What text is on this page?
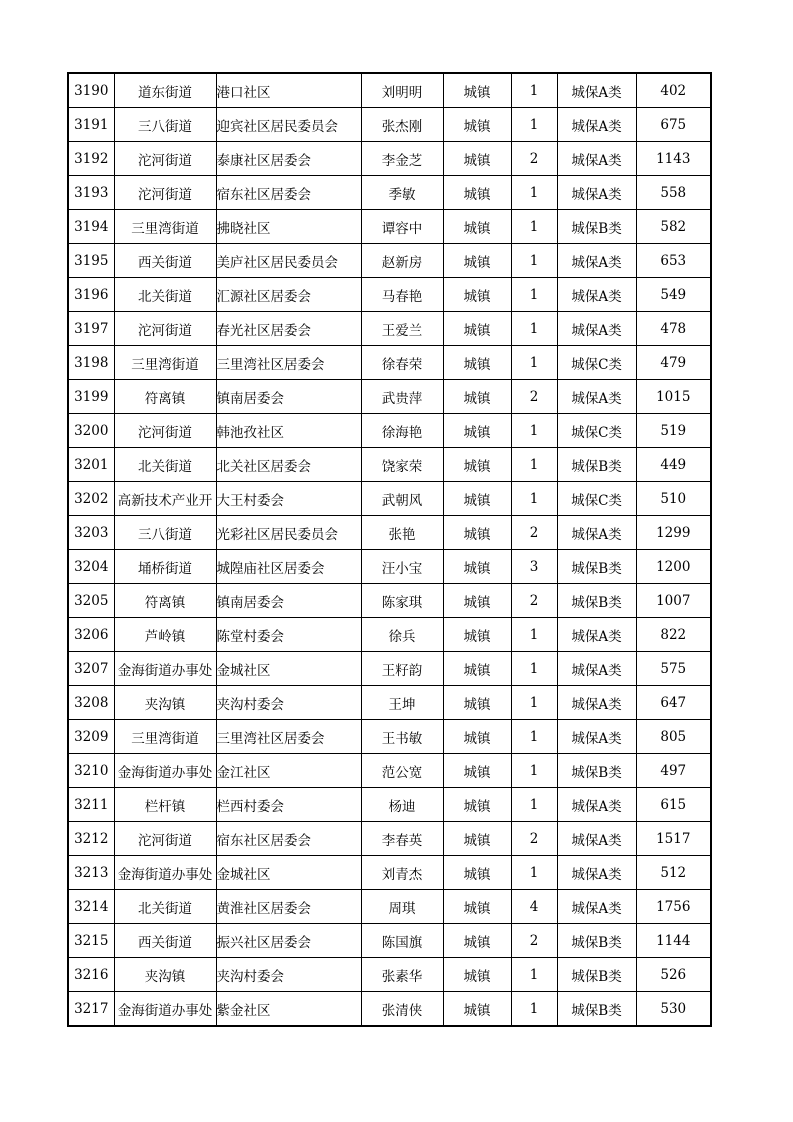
3190	道东街道	港口社区	刘明明	城镇	1	城保A类	402
3191	三八街道	迎宾社区居民委员会	张杰刚	城镇	1	城保A类	675
3192	沱河街道	泰康社区居委会	李金芝	城镇	2	城保A类	1143
3193	沱河街道	宿东社区居委会	季敏	城镇	1	城保A类	558
3194	三里湾街道	拂晓社区	谭容中	城镇	1	城保B类	582
3195	西关街道	美庐社区居民委员会	赵新房	城镇	1	城保A类	653
3196	北关街道	汇源社区居委会	马春艳	城镇	1	城保A类	549
3197	沱河街道	春光社区居委会	王爱兰	城镇	1	城保A类	478
3198	三里湾街道	三里湾社区居委会	徐春荣	城镇	1	城保C类	479
3199	符离镇	镇南居委会	武贵萍	城镇	2	城保A类	1015
3200	沱河街道	韩池孜社区	徐海艳	城镇	1	城保C类	519
3201	北关街道	北关社区居委会	饶家荣	城镇	1	城保B类	449
3202	高新技术产业开	大王村委会	武朝风	城镇	1	城保C类	510
3203	三八街道	光彩社区居民委员会	张艳	城镇	2	城保A类	1299
3204	埇桥街道	城隍庙社区居委会	汪小宝	城镇	3	城保B类	1200
3205	符离镇	镇南居委会	陈家琪	城镇	2	城保B类	1007
3206	芦岭镇	陈堂村委会	徐兵	城镇	1	城保A类	822
3207	金海街道办事处	金城社区	王籽韵	城镇	1	城保A类	575
3208	夹沟镇	夹沟村委会	王坤	城镇	1	城保A类	647
3209	三里湾街道	三里湾社区居委会	王书敏	城镇	1	城保A类	805
3210	金海街道办事处	金江社区	范公宽	城镇	1	城保B类	497
3211	栏杆镇	栏西村委会	杨迪	城镇	1	城保A类	615
3212	沱河街道	宿东社区居委会	李春英	城镇	2	城保A类	1517
3213	金海街道办事处	金城社区	刘青杰	城镇	1	城保A类	512
3214	北关街道	黄淮社区居委会	周琪	城镇	4	城保A类	1756
3215	西关街道	振兴社区居委会	陈国旗	城镇	2	城保B类	1144
3216	夹沟镇	夹沟村委会	张素华	城镇	1	城保B类	526
3217	金海街道办事处	紫金社区	张清侠	城镇	1	城保B类	530
